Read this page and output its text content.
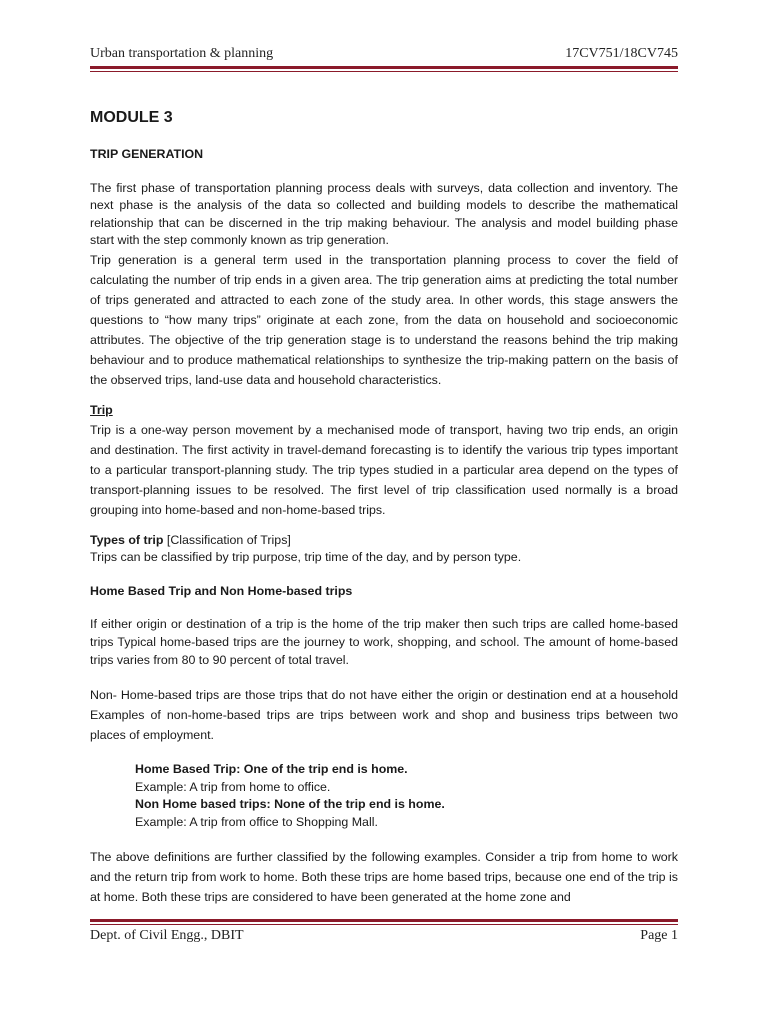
Urban transportation & planning	17CV751/18CV745
MODULE 3
TRIP GENERATION

The first phase of transportation planning process deals with surveys, data collection and inventory. The next phase is the analysis of the data so collected and building models to describe the mathematical relationship that can be discerned in the trip making behaviour. The analysis and model building phase start with the step commonly known as trip generation.

Trip generation is a general term used in the transportation planning process to cover the field of calculating the number of trip ends in a given area. The trip generation aims at predicting the total number of trips generated and attracted to each zone of the study area. In other words, this stage answers the questions to “how many trips” originate at each zone, from the data on household and socioeconomic attributes. The objective of the trip generation stage is to understand the reasons behind the trip making behaviour and to produce mathematical relationships to synthesize the trip-making pattern on the basis of the observed trips, land-use data and household characteristics.

Trip

Trip is a one-way person movement by a mechanised mode of transport, having two trip ends, an origin and destination. The first activity in travel-demand forecasting is to identify the various trip types important to a particular transport-planning study. The trip types studied in a particular area depend on the types of transport-planning issues to be resolved. The first level of trip classification used normally is a broad grouping into home-based and non-home-based trips.

Types of trip [Classification of Trips]

Trips can be classified by trip purpose, trip time of the day, and by person type.

Home Based Trip and Non Home-based trips

If either origin or destination of a trip is the home of the trip maker then such trips are called home-based trips Typical home-based trips are the journey to work, shopping, and school. The amount of home-based trips varies from 80 to 90 percent of total travel.

Non- Home-based trips are those trips that do not have either the origin or destination end at a household Examples of non-home-based trips are trips between work and shop and business trips between two places of employment.

Home Based Trip: One of the trip end is home.
Example: A trip from home to office.
Non Home based trips: None of the trip end is home.
Example: A trip from office to Shopping Mall.

The above definitions are further classified by the following examples. Consider a trip from home to work and the return trip from work to home. Both these trips are home based trips, because one end of the trip is at home. Both these trips are considered to have been generated at the home zone and

Dept. of Civil Engg., DBIT	Page 1
